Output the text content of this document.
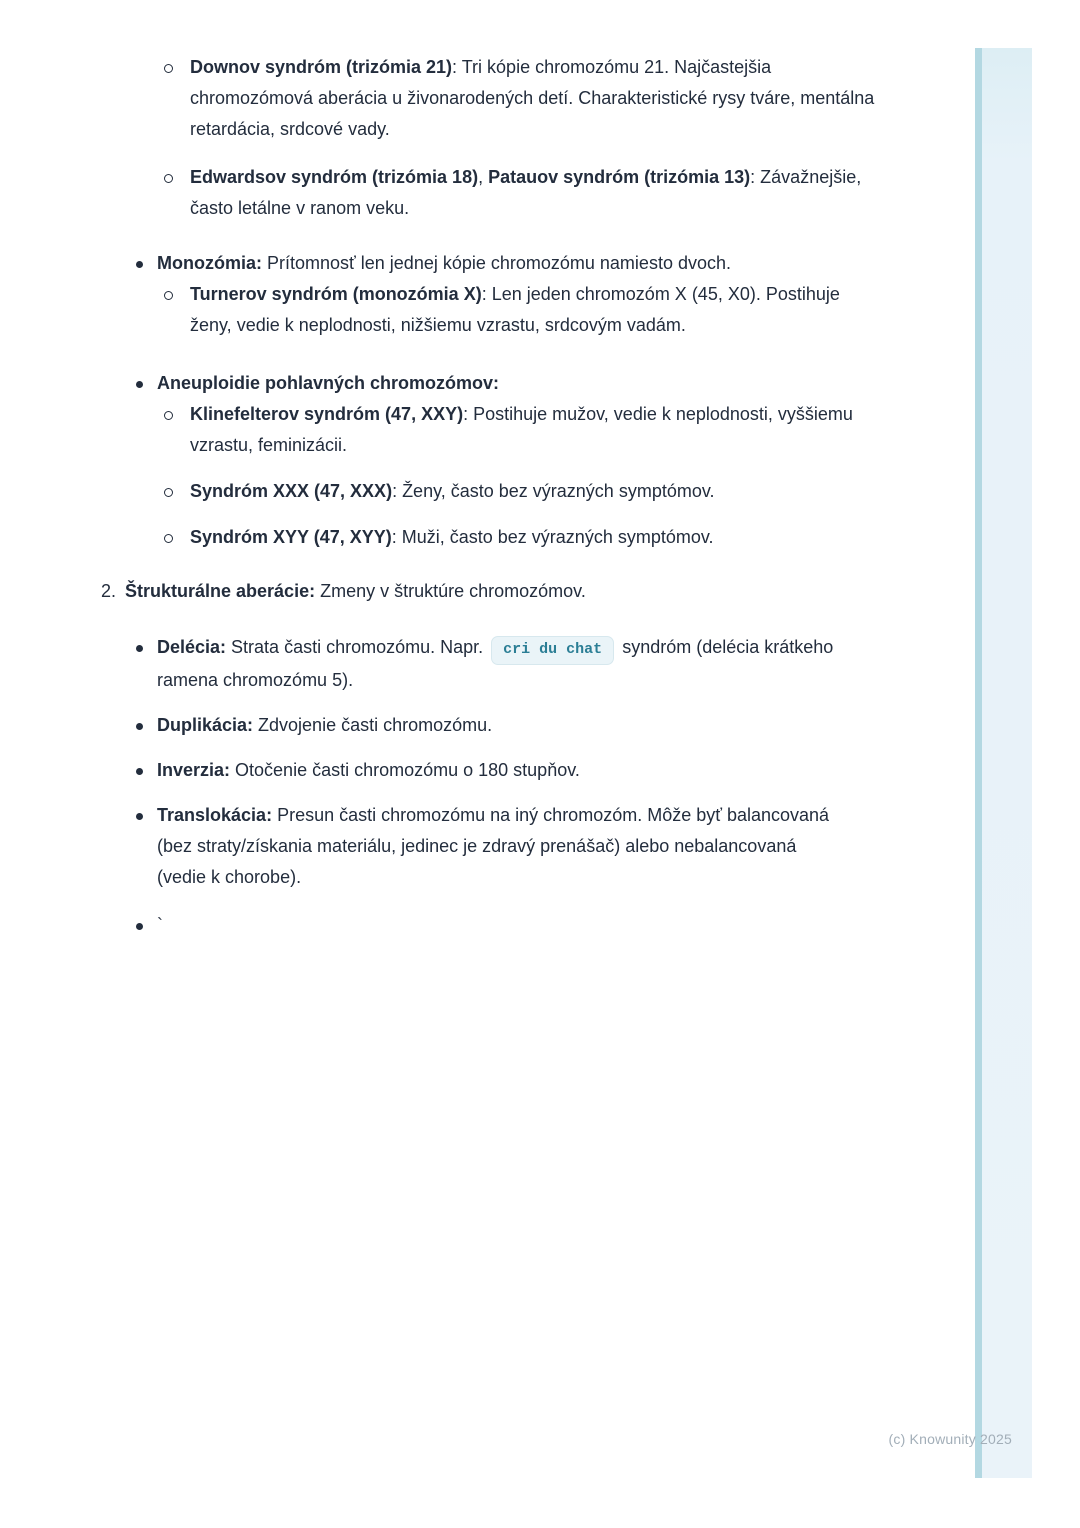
Downov syndróm (trizómia 21): Tri kópie chromozómu 21. Najčastejšia chromozómová aberácia u živonarodených detí. Charakteristické rysy tváre, mentálna retardácia, srdcové vady.
Edwardsov syndróm (trizómia 18), Patauov syndróm (trizómia 13): Závažnejšie, často letálne v ranom veku.
Monozómia: Prítomnosť len jednej kópie chromozómu namiesto dvoch.
Turnerov syndróm (monozómia X): Len jeden chromozóm X (45, X0). Postihuje ženy, vedie k neplodnosti, nižšiemu vzrastu, srdcovým vadám.
Aneuploidie pohlavných chromozómov:
Klinefelterov syndróm (47, XXY): Postihuje mužov, vedie k neplodnosti, vyššiemu vzrastu, feminizácii.
Syndróm XXX (47, XXX): Ženy, často bez výrazných symptómov.
Syndróm XYY (47, XYY): Muži, často bez výrazných symptómov.
2. Štrukturálne aberácie: Zmeny v štruktúre chromozómov.
Delécia: Strata časti chromozómu. Napr. cri du chat syndróm (delécia krátkeho ramena chromozómu 5).
Duplikácia: Zdvojenie časti chromozómu.
Inverzia: Otočenie časti chromozómu o 180 stupňov.
Translokácia: Presun časti chromozómu na iný chromozóm. Môže byť balancovaná (bez straty/získania materiálu, jedinec je zdravý prenášač) alebo nebalancovaná (vedie k chorobe).
`
(c) Knowunity 2025
